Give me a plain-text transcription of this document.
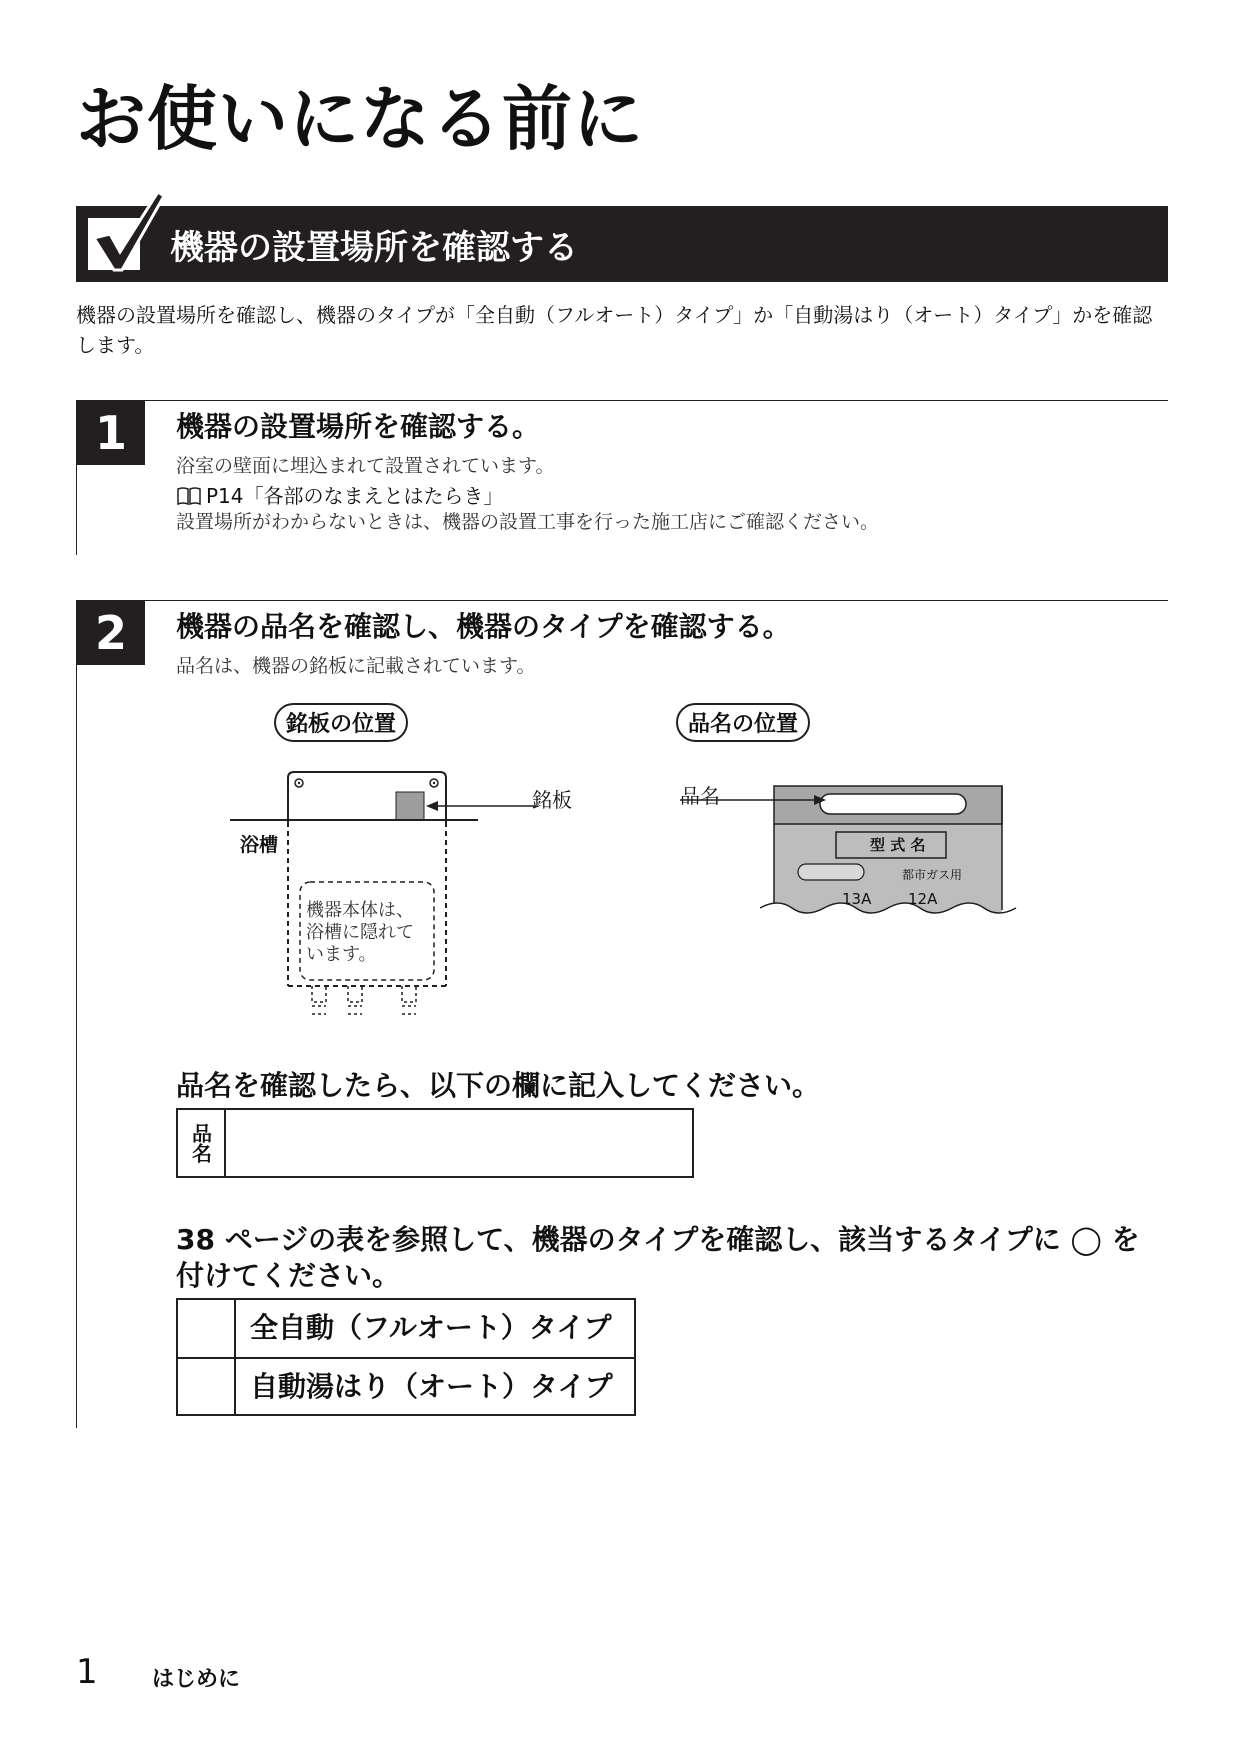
お使いになる前に
機器の設置場所を確認する
機器の設置場所を確認し、機器のタイプが「全自動（フルオート）タイプ」か「自動湯はり（オート）タイプ」かを確認します。
1	機器の設置場所を確認する。
浴室の壁面に埋込まれて設置されています。
P14「各部のなまえとはたらき」
設置場所がわからないときは、機器の設置工事を行った施工店にご確認ください。
2	機器の品名を確認し、機器のタイプを確認する。
品名は、機器の銘板に記載されています。
銘板の位置	品名の位置
銘板
浴槽
機器本体は、
浴槽に隠れて
います。
型 式 名
都市ガス用
13A 12A
品名
品名を確認したら、以下の欄に記入してください。
品名
38 ページの表を参照して、機器のタイプを確認し、該当するタイプに ◯ を
付けてください。
全自動（フルオート）タイプ
自動湯はり（オート）タイプ
1 はじめに
